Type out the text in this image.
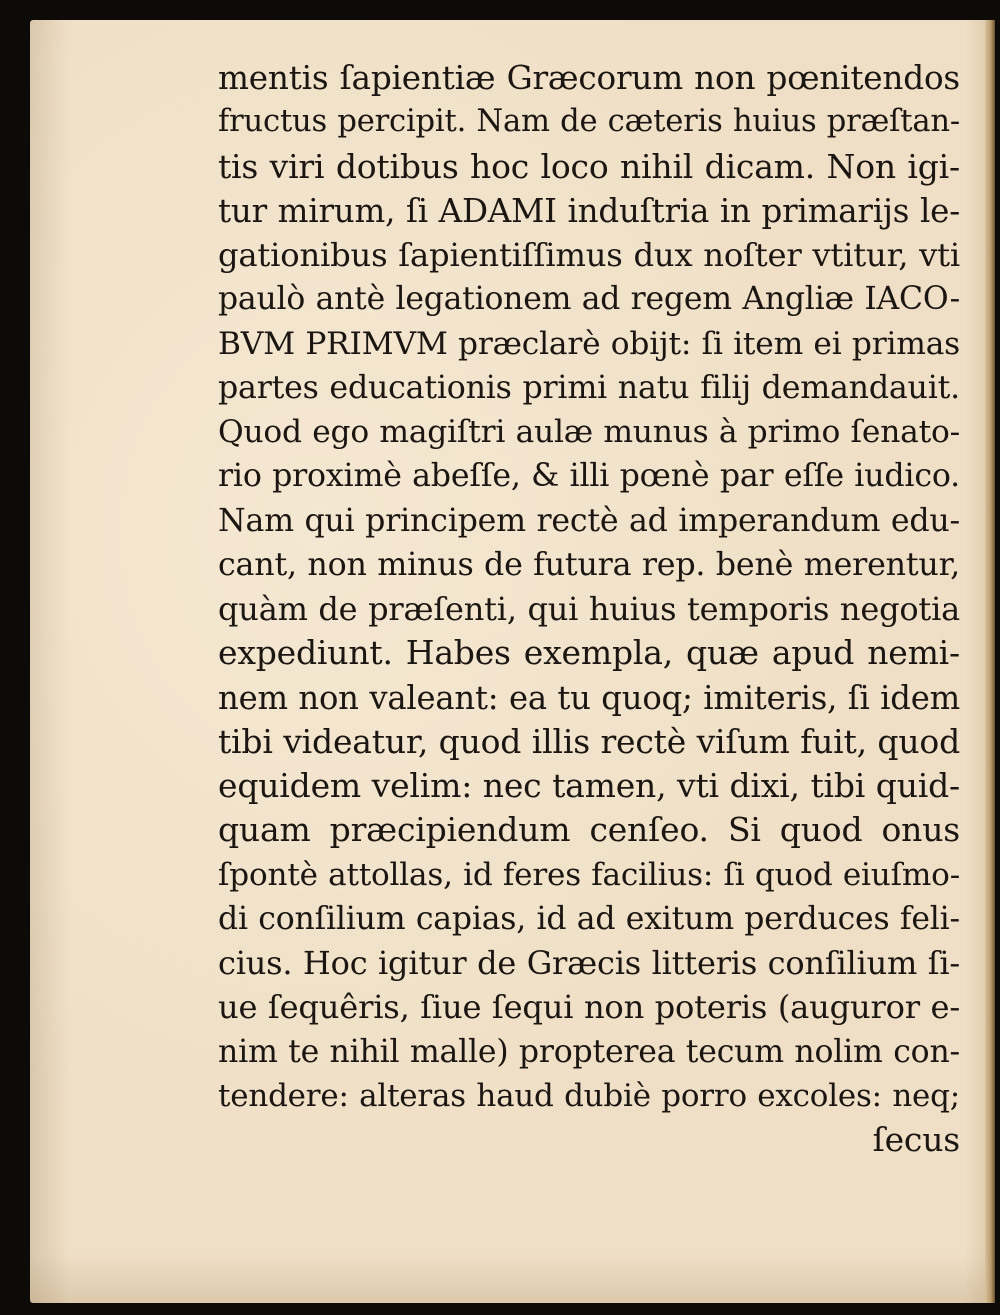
mentis ſapientiæ Græcorum non pœnitendos
fructus percipit. Nam de cæteris huius præſtan-
tis viri dotibus hoc loco nihil dicam. Non igi-
tur mirum, ſi ADAMI induſtria in primarijs le-
gationibus ſapientiſſimus dux noſter vtitur, vti
paulò antè legationem ad regem Angliæ IACO-
BVM PRIMVM præclarè obijt: ſi item ei primas
partes educationis primi natu filij demandauit.
Quod ego magiſtri aulæ munus à primo ſenato-
rio proximè abeſſe, & illi pœnè par eſſe iudico.
Nam qui principem rectè ad imperandum edu-
cant, non minus de futura rep. benè merentur,
quàm de præſenti, qui huius temporis negotia
expediunt. Habes exempla, quæ apud nemi-
nem non valeant: ea tu quoq; imiteris, ſi idem
tibi videatur, quod illis rectè viſum fuit, quod
equidem velim: nec tamen, vti dixi, tibi quid-
quam præcipiendum cenſeo. Si quod onus
ſpontè attollas, id feres facilius: ſi quod eiuſmo-
di conſilium capias, id ad exitum perduces feli-
cius. Hoc igitur de Græcis litteris conſilium ſi-
ue ſequêris, ſiue ſequi non poteris (auguror e-
nim te nihil malle) propterea tecum nolim con-
tendere: alteras haud dubiè porro excoles: neq;
ſecus
